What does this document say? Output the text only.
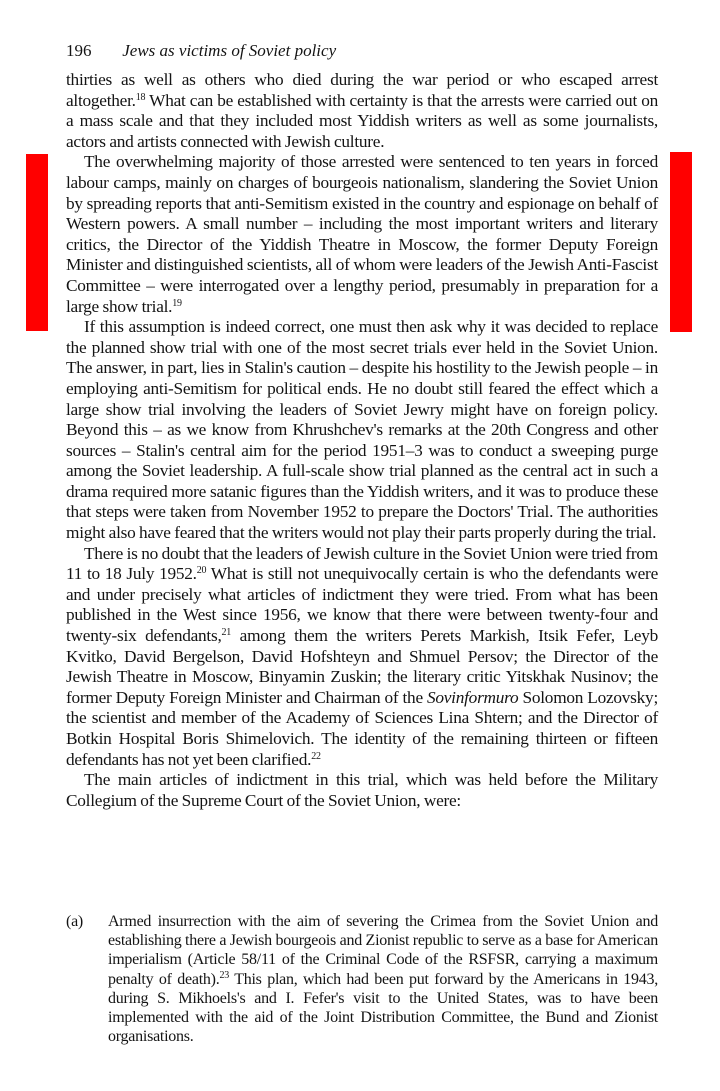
196 Jews as victims of Soviet policy

thirties as well as others who died during the war period or who escaped arrest altogether.$^{18}$ What can be established with certainty is that the arrests were carried out on a mass scale and that they included most Yiddish writers as well as some journalists, actors and artists connected with Jewish culture.

The overwhelming majority of those arrested were sentenced to ten years in forced labour camps, mainly on charges of bourgeois nationalism, slandering the Soviet Union by spreading reports that anti-Semitism existed in the country and espionage on behalf of Western powers. A small number – including the most important writers and literary critics, the Director of the Yiddish Theatre in Moscow, the former Deputy Foreign Minister and distinguished scientists, all of whom were leaders of the Jewish Anti-Fascist Committee – were interrogated over a lengthy period, presumably in preparation for a large show trial.$^{19}$

If this assumption is indeed correct, one must then ask why it was decided to replace the planned show trial with one of the most secret trials ever held in the Soviet Union. The answer, in part, lies in Stalin's caution – despite his hostility to the Jewish people – in employing anti-Semitism for political ends. He no doubt still feared the effect which a large show trial involving the leaders of Soviet Jewry might have on foreign policy. Beyond this – as we know from Khrushchev's remarks at the 20th Congress and other sources – Stalin's central aim for the period 1951–3 was to conduct a sweeping purge among the Soviet leadership. A full-scale show trial planned as the central act in such a drama required more satanic figures than the Yiddish writers, and it was to produce these that steps were taken from November 1952 to prepare the Doctors' Trial. The authorities might also have feared that the writers would not play their parts properly during the trial.

There is no doubt that the leaders of Jewish culture in the Soviet Union were tried from 11 to 18 July 1952.20 What is still not unequivocally certain is who the defendants were and under precisely what articles of indictment they were tried. From what has been published in the West since 1956, we know that there were between twenty-four and twenty-six defendants,$^{21}$ among them the writers Perets Markish, Itsik Fefer, Leyb Kvitko, David Bergelson, David Hofshteyn and Shmuel Persov; the Director of the Jewish Theatre in Moscow, Binyamin Zuskin; the literary critic Yitskhak Nusinov; the former Deputy Foreign Minister and Chairman of the Sovinformuro Solomon Lozovsky; the scientist and member of the Academy of Sciences Lina Shtern; and the Director of Botkin Hospital Boris Shimelovich. The identity of the remaining thirteen or fifteen defendants has not yet been clarified.$^{22}$

The main articles of indictment in this trial, which was held before the Military Collegium of the Supreme Court of the Soviet Union, were:

(a)	Armed insurrection with the aim of severing the Crimea from the Soviet Union and establishing there a Jewish bourgeois and Zionist republic to serve as a base for American imperialism (Article 58/11 of the Criminal Code of the RSFSR, carrying a maximum penalty of death).$^{23}$ This plan, which had been put forward by the Americans in 1943, during S. Mikhoels's and I. Fefer's visit to the United States, was to have been implemented with the aid of the Joint Distribution Committee, the Bund and Zionist organisations.
